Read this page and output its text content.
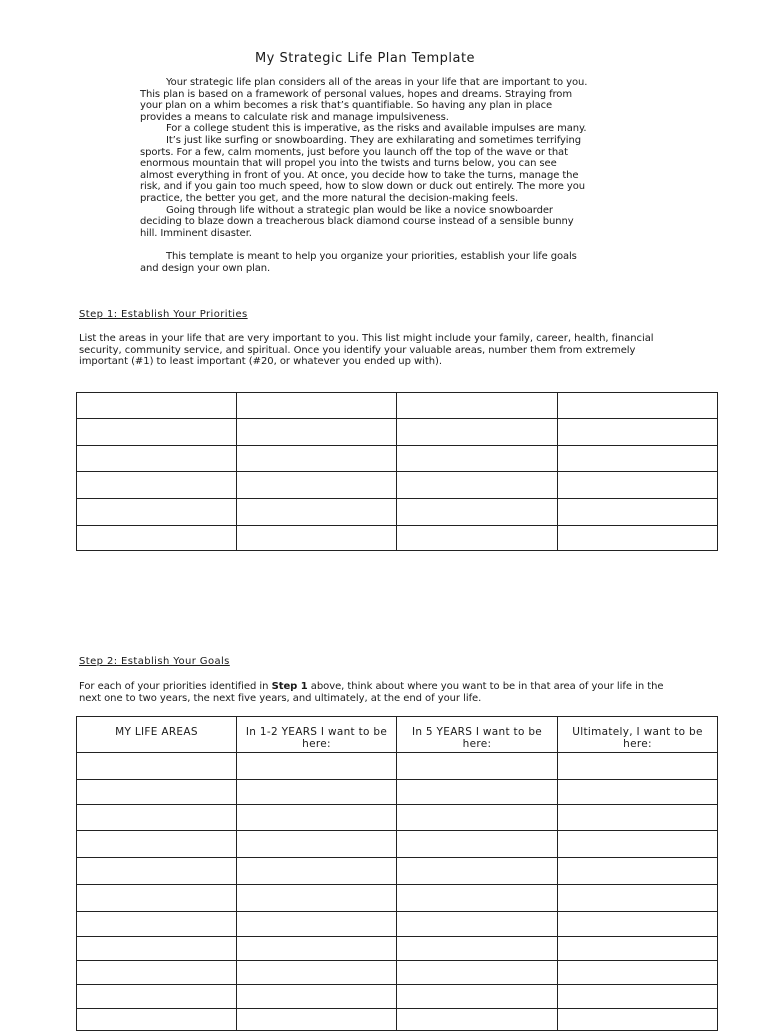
My Strategic Life Plan Template

Your strategic life plan considers all of the areas in your life that are important to you. This plan is based on a framework of personal values, hopes and dreams. Straying from your plan on a whim becomes a risk that’s quantifiable. So having any plan in place provides a means to calculate risk and manage impulsiveness.

For a college student this is imperative, as the risks and available impulses are many.

It’s just like surfing or snowboarding. They are exhilarating and sometimes terrifying sports. For a few, calm moments, just before you launch off the top of the wave or that enormous mountain that will propel you into the twists and turns below, you can see almost everything in front of you. At once, you decide how to take the turns, manage the risk, and if you gain too much speed, how to slow down or duck out entirely. The more you practice, the better you get, and the more natural the decision-making feels.

Going through life without a strategic plan would be like a novice snowboarder deciding to blaze down a treacherous black diamond course instead of a sensible bunny hill. Imminent disaster.

This template is meant to help you organize your priorities, establish your life goals and design your own plan.

Step 1: Establish Your Priorities
List the areas in your life that are very important to you. This list might include your family, career, health, financial security, community service, and spiritual. Once you identify your valuable areas, number them from extremely important (#1) to least important (#20, or whatever you ended up with).

Step 2: Establish Your Goals
For each of your priorities identified in Step 1 above, think about where you want to be in that area of your life in the next one to two years, the next five years, and ultimately, at the end of your life.
MY LIFE AREAS	In 1-2 YEARS I want to be here:	In 5 YEARS I want to be here:	Ultimately, I want to be here:
